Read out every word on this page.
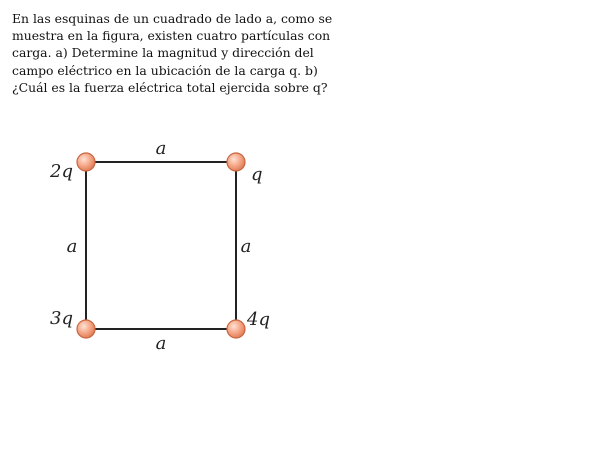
En las esquinas de un cuadrado de lado a, como se
muestra en la figura, existen cuatro partículas con
carga. a) Determine la magnitud y dirección del
campo eléctrico en la ubicación de la carga q. b)
¿Cuál es la fuerza eléctrica total ejercida sobre q?
a
a	a
a
2q	q
3q	4q
